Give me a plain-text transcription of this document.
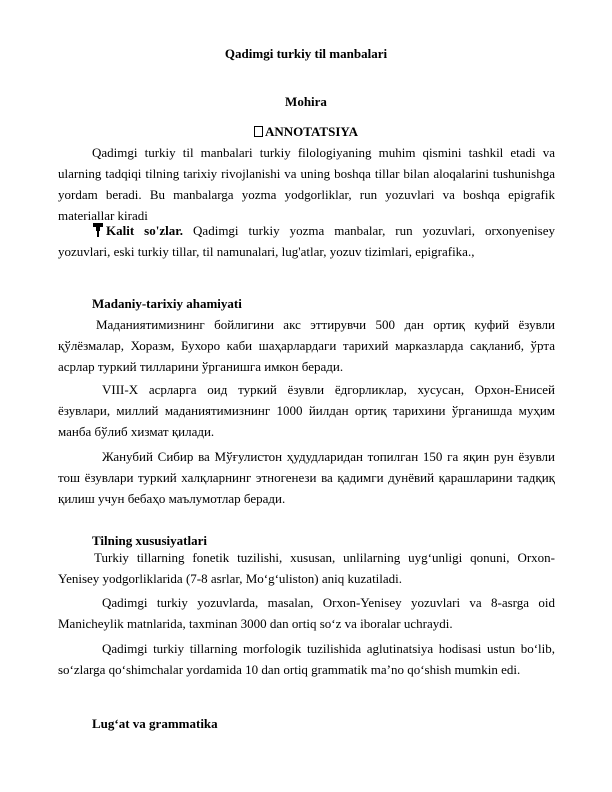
Qadimgi turkiy til manbalari
Mohira
ANNOTATSIYA
Qadimgi turkiy til manbalari turkiy filologiyaning muhim qismini tashkil etadi va ularning tadqiqi tilning tarixiy rivojlanishi va uning boshqa tillar bilan aloqalarini tushunishga yordam beradi. Bu manbalarga yozma yodgorliklar, run yozuvlari va boshqa epigrafik materiallar kiradi
Kalit so'zlar. Qadimgi turkiy yozma manbalar, run yozuvlari, orxonyenisey yozuvlari, eski turkiy tillar, til namunalari, lug'atlar, yozuv tizimlari, epigrafika.,
Madaniy-tarixiy ahamiyati
Маданиятимизнинг бойлигини акс эттирувчи 500 дан ортиқ куфий ёзувли қўлёзмалар, Хоразм, Бухоро каби шаҳарлардаги тарихий марказларда сақланиб, ўрта асрлар туркий тилларини ўрганишга имкон беради.
VIII-X асрларга оид туркий ёзувли ёдгорликлар, хусусан, Орхон-Енисей ёзувлари, миллий маданиятимизнинг 1000 йилдан ортиқ тарихини ўрганишда муҳим манба бўлиб хизмат қилади.
Жанубий Сибир ва Мўғулистон ҳудудларидан топилган 150 га яқин рун ёзувли тош ёзувлари туркий халқларнинг этногенези ва қадимги дунёвий қарашларини тадқиқ қилиш учун бебаҳо маълумотлар беради.
Tilning xususiyatlari
Turkiy tillarning fonetik tuzilishi, xususan, unlilarning uyg‘unligi qonuni, Orxon-Yenisey yodgorliklarida (7-8 asrlar, Mo‘g‘uliston) aniq kuzatiladi.
Qadimgi turkiy yozuvlarda, masalan, Orxon-Yenisey yozuvlari va 8-asrga oid Manicheylik matnlarida, taxminan 3000 dan ortiq so‘z va iboralar uchraydi.
Qadimgi turkiy tillarning morfologik tuzilishida aglutinatsiya hodisasi ustun bo‘lib, so‘zlarga qo‘shimchalar yordamida 10 dan ortiq grammatik ma’no qo‘shish mumkin edi.
Lug‘at va grammatika
